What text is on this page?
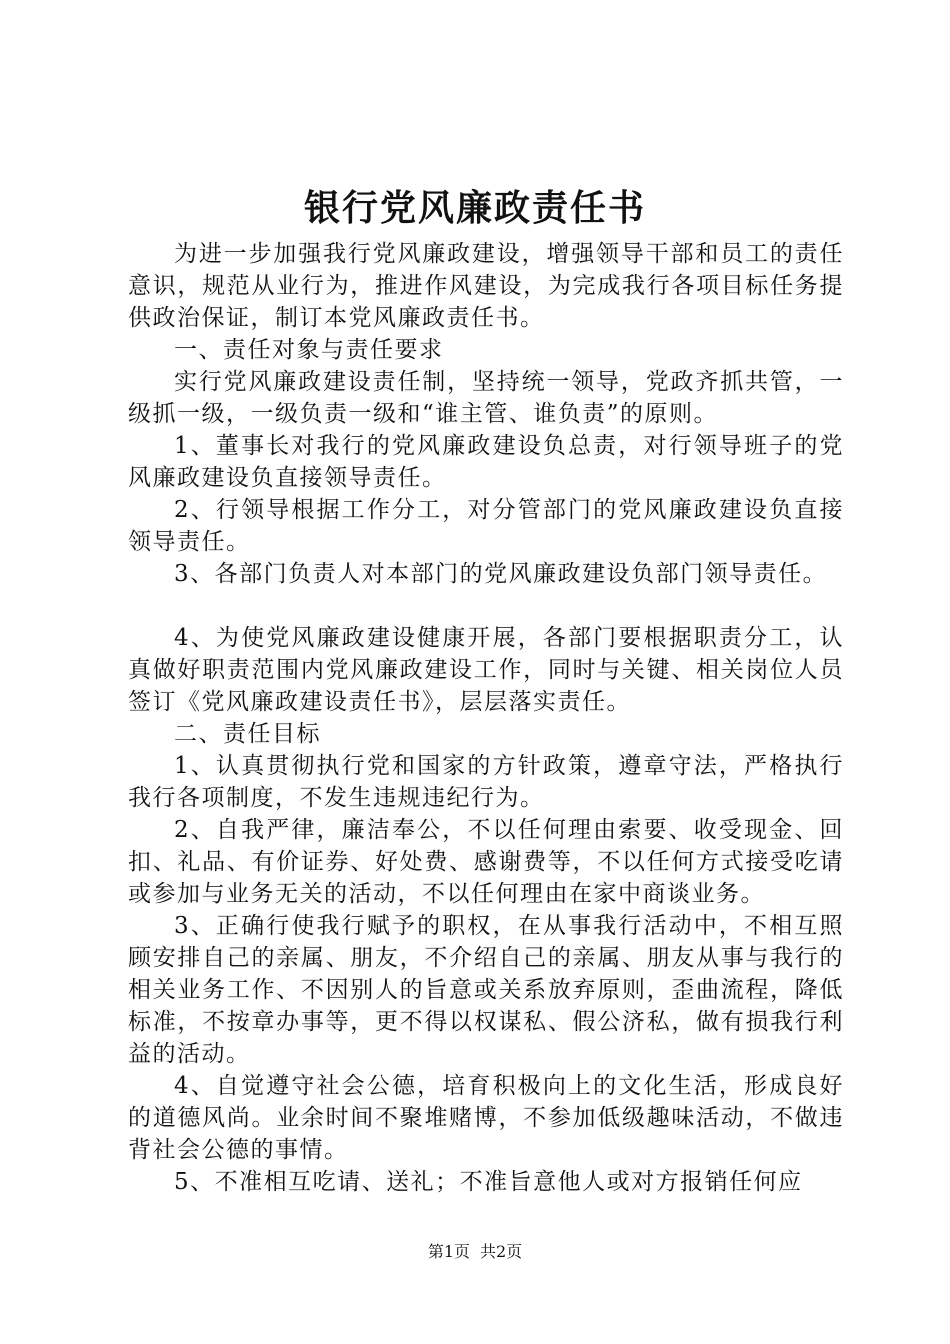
银行党风廉政责任书

为进一步加强我行党风廉政建设，增强领导干部和员工的责任意识，规范从业行为，推进作风建设，为完成我行各项目标任务提供政治保证，制订本党风廉政责任书。

一、责任对象与责任要求

实行党风廉政建设责任制，坚持统一领导，党政齐抓共管，一级抓一级，一级负责一级和“谁主管、谁负责”的原则。

1、董事长对我行的党风廉政建设负总责，对行领导班子的党风廉政建设负直接领导责任。

2、行领导根据工作分工，对分管部门的党风廉政建设负直接领导责任。

3、各部门负责人对本部门的党风廉政建设负部门领导责任。

4、为使党风廉政建设健康开展，各部门要根据职责分工，认真做好职责范围内党风廉政建设工作，同时与关键、相关岗位人员签订《党风廉政建设责任书》，层层落实责任。

二、责任目标

1、认真贯彻执行党和国家的方针政策，遵章守法，严格执行我行各项制度，不发生违规违纪行为。

2、自我严律，廉洁奉公，不以任何理由索要、收受现金、回扣、礼品、有价证券、好处费、感谢费等，不以任何方式接受吃请或参加与业务无关的活动，不以任何理由在家中商谈业务。

3、正确行使我行赋予的职权，在从事我行活动中，不相互照顾安排自己的亲属、朋友，不介绍自己的亲属、朋友从事与我行的相关业务工作、不因别人的旨意或关系放弃原则，歪曲流程，降低标准，不按章办事等，更不得以权谋私、假公济私，做有损我行利益的活动。

4、自觉遵守社会公德，培育积极向上的文化生活，形成良好的道德风尚。业余时间不聚堆赌博，不参加低级趣味活动，不做违背社会公德的事情。

5、不准相互吃请、送礼；不准旨意他人或对方报销任何应

第1页 共2页
